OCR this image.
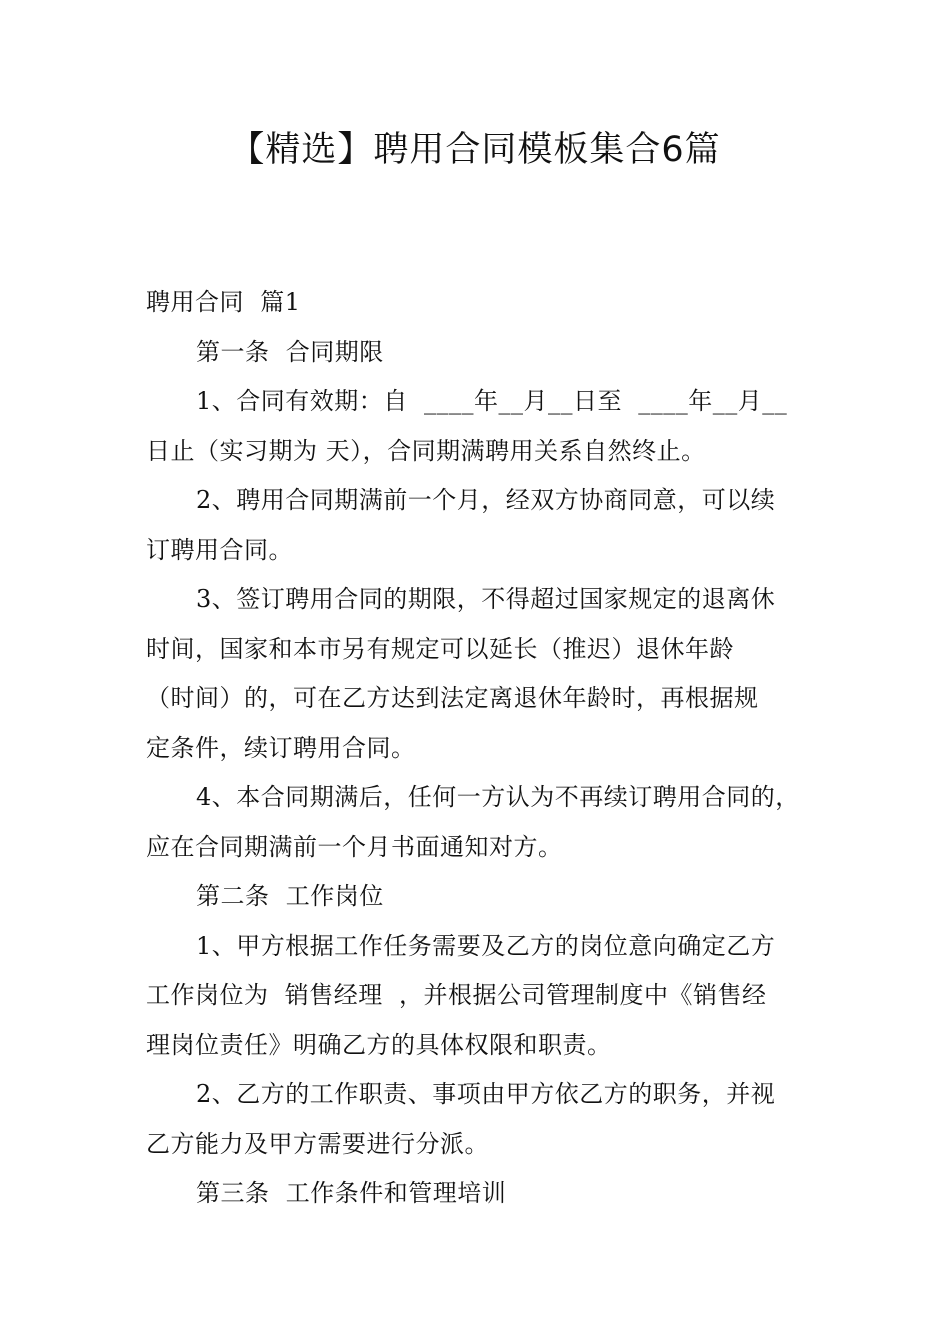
【精选】聘用合同模板集合6篇

聘用合同  篇1

第一条  合同期限

1、合同有效期：自  ____年__月__日至  ____年__月__

日止（实习期为 天），合同期满聘用关系自然终止。

2、聘用合同期满前一个月，经双方协商同意，可以续

订聘用合同。

3、签订聘用合同的期限，不得超过国家规定的退离休

时间，国家和本市另有规定可以延长（推迟）退休年龄

（时间）的，可在乙方达到法定离退休年龄时，再根据规

定条件，续订聘用合同。

4、本合同期满后，任何一方认为不再续订聘用合同的，

应在合同期满前一个月书面通知对方。

第二条  工作岗位

1、甲方根据工作任务需要及乙方的岗位意向确定乙方

工作岗位为  销售经理  ，并根据公司管理制度中《销售经

理岗位责任》明确乙方的具体权限和职责。

2、乙方的工作职责、事项由甲方依乙方的职务，并视

乙方能力及甲方需要进行分派。

第三条  工作条件和管理培训
